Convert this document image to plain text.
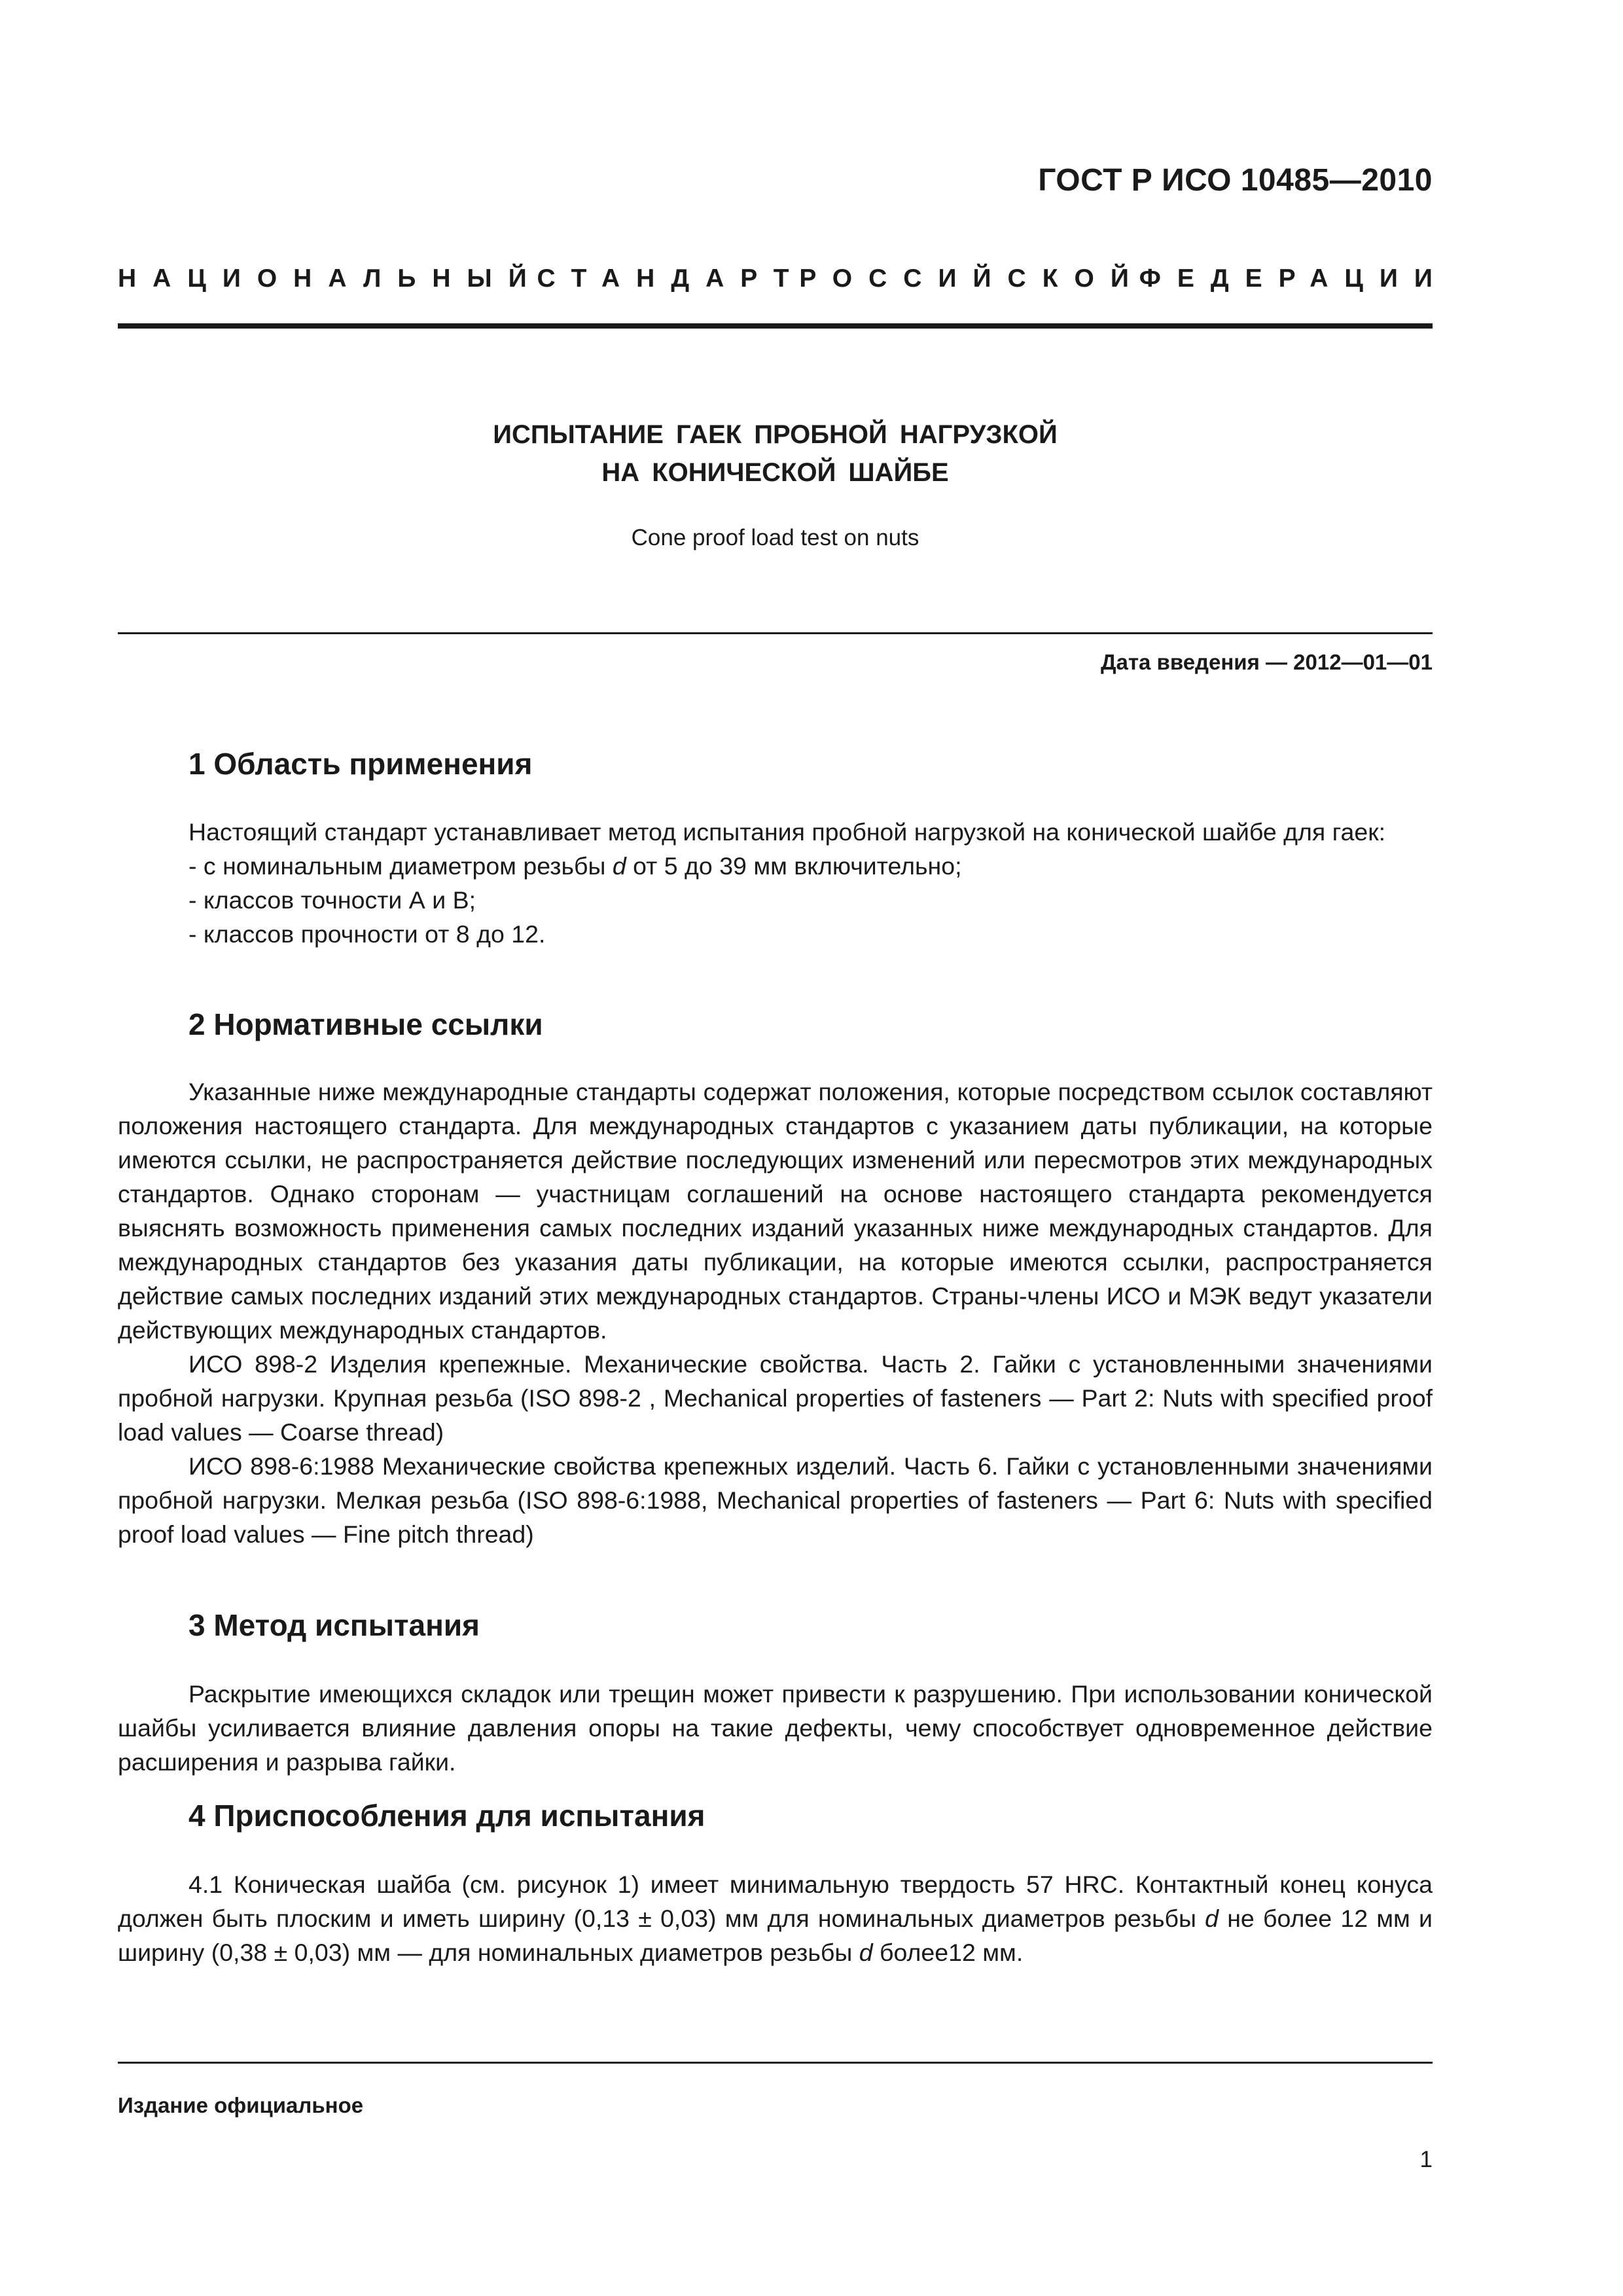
ГОСТ Р ИСО 10485—2010
НАЦИОНАЛЬНЫЙ
СТАНДАРТ
РОССИЙСКОЙ
ФЕДЕРАЦИИ
ИСПЫТАНИЕ ГАЕК ПРОБНОЙ НАГРУЗКОЙ
НА КОНИЧЕСКОЙ ШАЙБЕ
Cone proof load test on nuts
Дата введения — 2012—01—01
1 Область применения

Настоящий стандарт устанавливает метод испытания пробной нагрузкой на конической шайбе для гаек:

- с номинальным диаметром резьбы d от 5 до 39 мм включительно;

- классов точности А и В;

- классов прочности от 8 до 12.

2 Нормативные ссылки

Указанные ниже международные стандарты содержат положения, которые посредством ссылок составляют положения настоящего стандарта. Для международных стандартов с указанием даты публикации, на которые имеются ссылки, не распространяется действие последующих изменений или пересмотров этих международных стандартов. Однако сторонам — участницам соглашений на основе настоящего стандарта рекомендуется выяснять возможность применения самых последних изданий указанных ниже международных стандартов. Для международных стандартов без указания даты публикации, на которые имеются ссылки, распространяется действие самых последних изданий этих международных стандартов. Страны-члены ИСО и МЭК ведут указатели действующих международных стандартов.

ИСО 898-2 Изделия крепежные. Механические свойства. Часть 2. Гайки с установленными значениями пробной нагрузки. Крупная резьба (ISO 898-2 , Mechanical properties of fasteners — Part 2: Nuts with specified proof load values — Coarse thread)

ИСО 898-6:1988 Механические свойства крепежных изделий. Часть 6. Гайки с установленными значениями пробной нагрузки. Мелкая резьба (ISO 898-6:1988, Mechanical properties of fasteners — Part 6: Nuts with specified proof load values — Fine pitch thread)

3 Метод испытания

Раскрытие имеющихся складок или трещин может привести к разрушению. При использовании конической шайбы усиливается влияние давления опоры на такие дефекты, чему способствует одновременное действие расширения и разрыва гайки.

4 Приспособления для испытания

4.1 Коническая шайба (см. рисунок 1) имеет минимальную твердость 57 HRC. Контактный конец конуса должен быть плоским и иметь ширину (0,13 ± 0,03) мм для номинальных диаметров резьбы d не более 12 мм и ширину (0,38 ± 0,03) мм — для номинальных диаметров резьбы d более12 мм.

Издание официальное
1
